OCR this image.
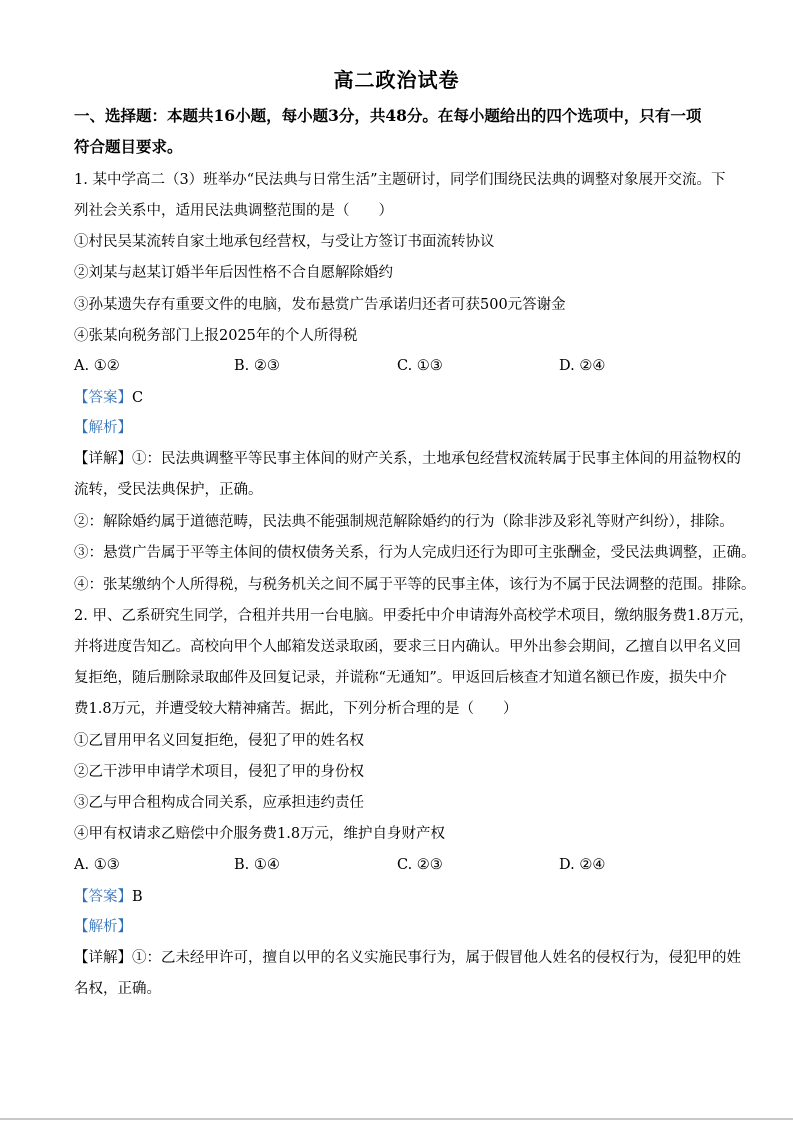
高二政治试卷
一、选择题：本题共16小题，每小题3分，共48分。在每小题给出的四个选项中，只有一项
符合题目要求。
1. 某中学高二（3）班举办“民法典与日常生活”主题研讨，同学们围绕民法典的调整对象展开交流。下
列社会关系中，适用民法典调整范围的是（　　）
①村民吴某流转自家土地承包经营权，与受让方签订书面流转协议
②刘某与赵某订婚半年后因性格不合自愿解除婚约
③孙某遗失存有重要文件的电脑，发布悬赏广告承诺归还者可获500元答谢金
④张某向税务部门上报2025年的个人所得税
A. ①②	B. ②③	C. ①③	D. ②④
【答案】C
【解析】
【详解】①：民法典调整平等民事主体间的财产关系，土地承包经营权流转属于民事主体间的用益物权的
流转，受民法典保护，正确。
②：解除婚约属于道德范畴，民法典不能强制规范解除婚约的行为（除非涉及彩礼等财产纠纷），排除。
③：悬赏广告属于平等主体间的债权债务关系，行为人完成归还行为即可主张酬金，受民法典调整，正确。
④：张某缴纳个人所得税，与税务机关之间不属于平等的民事主体，该行为不属于民法调整的范围。排除。
2. 甲、乙系研究生同学，合租并共用一台电脑。甲委托中介申请海外高校学术项目，缴纳服务费1.8万元，
并将进度告知乙。高校向甲个人邮箱发送录取函，要求三日内确认。甲外出参会期间，乙擅自以甲名义回
复拒绝，随后删除录取邮件及回复记录，并谎称“无通知”。甲返回后核查才知道名额已作废，损失中介
费1.8万元，并遭受较大精神痛苦。据此，下列分析合理的是（　　）
①乙冒用甲名义回复拒绝，侵犯了甲的姓名权
②乙干涉甲申请学术项目，侵犯了甲的身份权
③乙与甲合租构成合同关系，应承担违约责任
④甲有权请求乙赔偿中介服务费1.8万元，维护自身财产权
A. ①③	B. ①④	C. ②③	D. ②④
【答案】B
【解析】
【详解】①：乙未经甲许可，擅自以甲的名义实施民事行为，属于假冒他人姓名的侵权行为，侵犯甲的姓
名权，正确。
